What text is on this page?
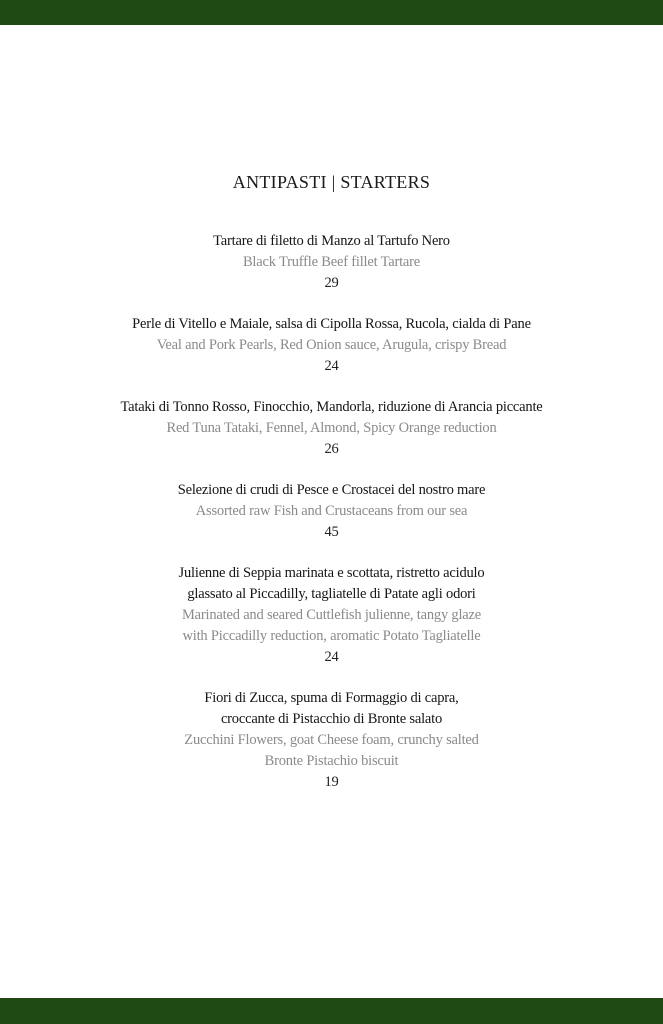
ANTIPASTI | STARTERS
Tartare di filetto di Manzo al Tartufo Nero
Black Truffle Beef fillet Tartare
29
Perle di Vitello e Maiale, salsa di Cipolla Rossa, Rucola, cialda di Pane
Veal and Pork Pearls, Red Onion sauce, Arugula, crispy Bread
24
Tataki di Tonno Rosso, Finocchio, Mandorla, riduzione di Arancia piccante
Red Tuna Tataki, Fennel, Almond, Spicy Orange reduction
26
Selezione di crudi di Pesce e Crostacei del nostro mare
Assorted raw Fish and Crustaceans from our sea
45
Julienne di Seppia marinata e scottata, ristretto acidulo
glassato al Piccadilly, tagliatelle di Patate agli odori
Marinated and seared Cuttlefish julienne, tangy glaze
with Piccadilly reduction, aromatic Potato Tagliatelle
24
Fiori di Zucca, spuma di Formaggio di capra,
croccante di Pistacchio di Bronte salato
Zucchini Flowers, goat Cheese foam, crunchy salted
Bronte Pistachio biscuit
19
